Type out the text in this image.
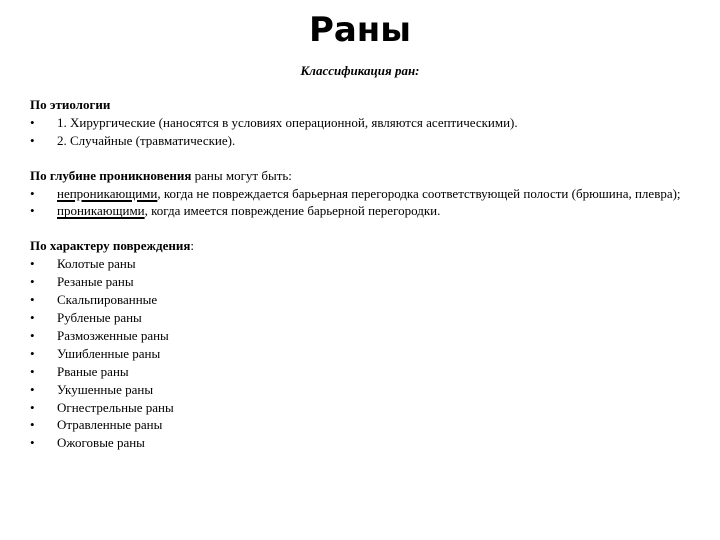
Раны
Классификация ран:
По этиологии
• 1. Хирургические (наносятся в условиях операционной, являются асептическими).
• 2. Случайные (травматические).
По глубине проникновения раны могут быть:
• непроникающими, когда не повреждается барьерная перегородка соответствующей полости (брюшина, плевра);
• проникающими, когда имеется повреждение барьерной перегородки.
По характеру повреждения:
• Колотые раны
• Резаные раны
• Скальпированные
• Рубленые раны
• Размозженные раны
• Ушибленные раны
• Рваные раны
• Укушенные раны
• Огнестрельные раны
• Отравленные раны
• Ожоговые раны
